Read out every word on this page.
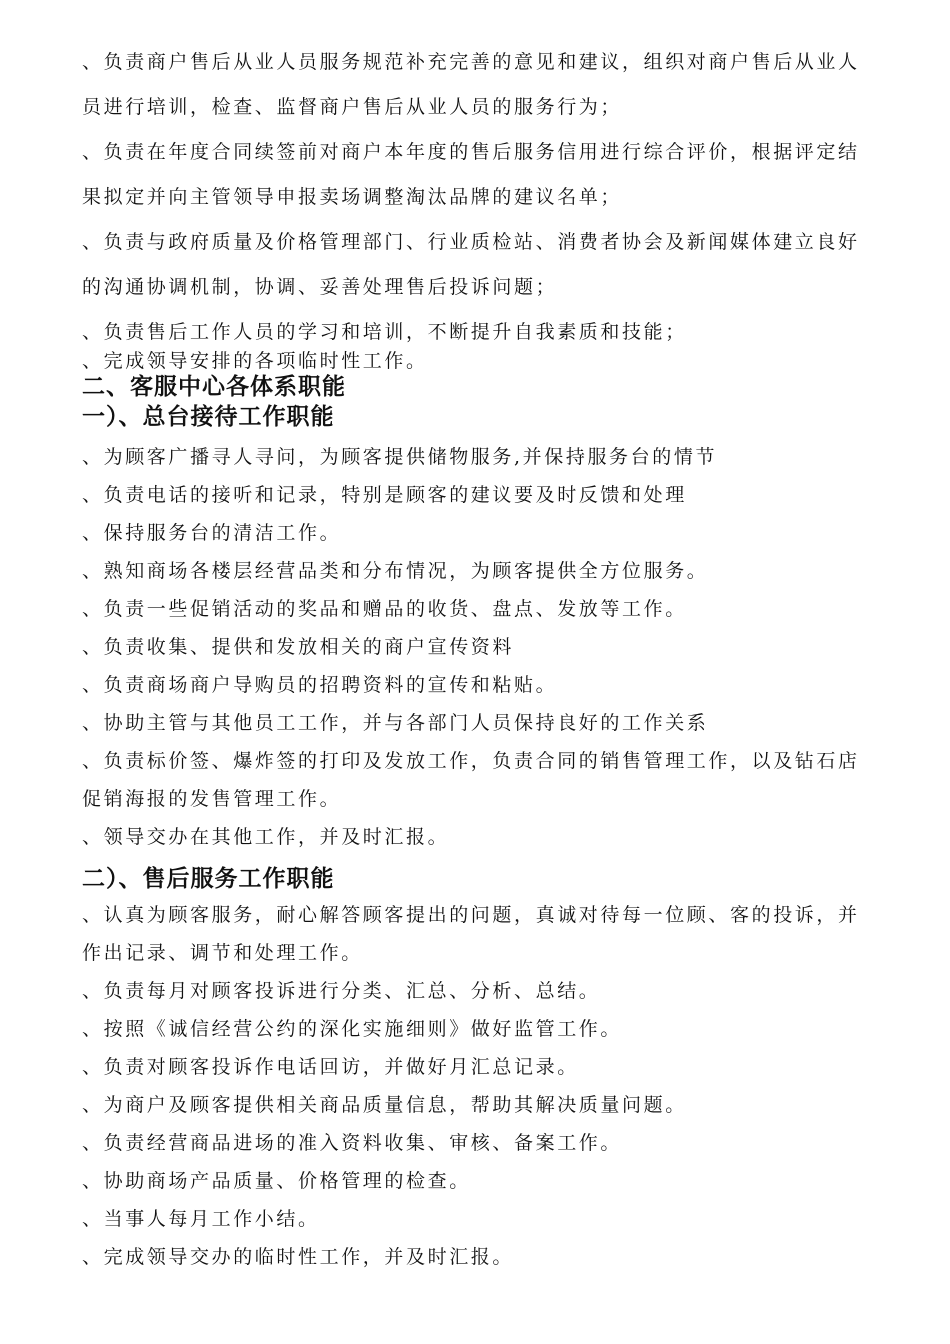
、负责商户售后从业人员服务规范补充完善的意见和建议，组织对商户售后从业人员进行培训，检查、监督商户售后从业人员的服务行为；

、负责在年度合同续签前对商户本年度的售后服务信用进行综合评价，根据评定结果拟定并向主管领导申报卖场调整淘汰品牌的建议名单；

、负责与政府质量及价格管理部门、行业质检站、消费者协会及新闻媒体建立良好的沟通协调机制，协调、妥善处理售后投诉问题；

、负责售后工作人员的学习和培训，不断提升自我素质和技能；

、完成领导安排的各项临时性工作。

二、客服中心各体系职能
一）、总台接待工作职能

、为顾客广播寻人寻问，为顾客提供储物服务,并保持服务台的情节

、负责电话的接听和记录，特别是顾客的建议要及时反馈和处理

、保持服务台的清洁工作。

、熟知商场各楼层经营品类和分布情况，为顾客提供全方位服务。

、负责一些促销活动的奖品和赠品的收货、盘点、发放等工作。

、负责收集、提供和发放相关的商户宣传资料

、负责商场商户导购员的招聘资料的宣传和粘贴。

、协助主管与其他员工工作，并与各部门人员保持良好的工作关系

、负责标价签、爆炸签的打印及发放工作，负责合同的销售管理工作，以及钻石店促销海报的发售管理工作。

、领导交办在其他工作，并及时汇报。

二）、售后服务工作职能

、认真为顾客服务，耐心解答顾客提出的问题，真诚对待每一位顾、客的投诉，并作出记录、调节和处理工作。

、负责每月对顾客投诉进行分类、汇总、分析、总结。

、按照《诚信经营公约的深化实施细则》做好监管工作。

、负责对顾客投诉作电话回访，并做好月汇总记录。

、为商户及顾客提供相关商品质量信息，帮助其解决质量问题。

、负责经营商品进场的准入资料收集、审核、备案工作。

、协助商场产品质量、价格管理的检查。

、当事人每月工作小结。

、完成领导交办的临时性工作，并及时汇报。
